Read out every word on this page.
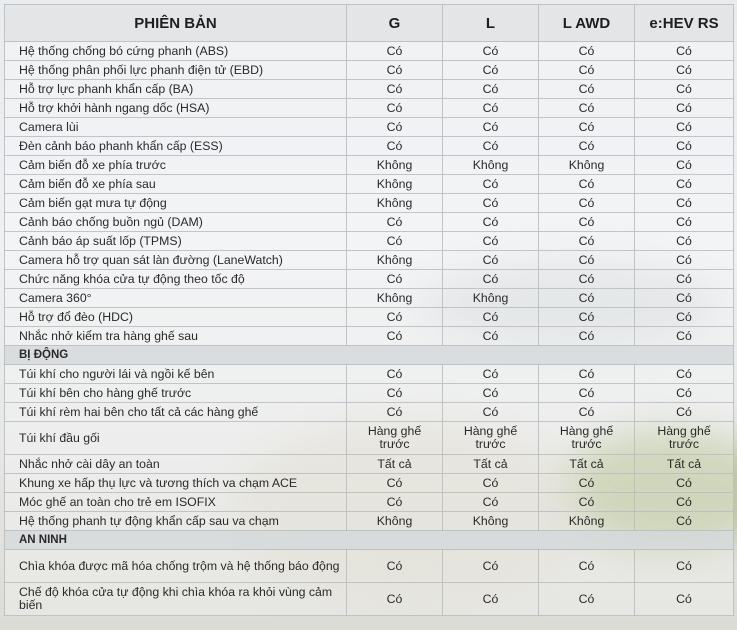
PHIÊN BẢN	G	L	L AWD	e:HEV RS
Hệ thống chống bó cứng phanh (ABS)	Có	Có	Có	Có
Hệ thống phân phối lực phanh điện tử (EBD)	Có	Có	Có	Có
Hỗ trợ lực phanh khẩn cấp (BA)	Có	Có	Có	Có
Hỗ trợ khởi hành ngang dốc (HSA)	Có	Có	Có	Có
Camera lùi	Có	Có	Có	Có
Đèn cảnh báo phanh khẩn cấp (ESS)	Có	Có	Có	Có
Cảm biến đỗ xe phía trước	Không	Không	Không	Có
Cảm biến đỗ xe phía sau	Không	Có	Có	Có
Cảm biến gạt mưa tự động	Không	Có	Có	Có
Cảnh báo chống buồn ngủ (DAM)	Có	Có	Có	Có
Cảnh báo áp suất lốp (TPMS)	Có	Có	Có	Có
Camera hỗ trợ quan sát làn đường (LaneWatch)	Không	Có	Có	Có
Chức năng khóa cửa tự động theo tốc độ	Có	Có	Có	Có
Camera 360°	Không	Không	Có	Có
Hỗ trợ đổ đèo (HDC)	Có	Có	Có	Có
Nhắc nhở kiểm tra hàng ghế sau	Có	Có	Có	Có
BỊ ĐỘNG				
Túi khí cho người lái và ngồi kế bên	Có	Có	Có	Có
Túi khí bên cho hàng ghế trước	Có	Có	Có	Có
Túi khí rèm hai bên cho tất cả các hàng ghế	Có	Có	Có	Có
Túi khí đầu gối	Hàng ghế trước	Hàng ghế trước	Hàng ghế trước	Hàng ghế trước
Nhắc nhở cài dây an toàn	Tất cả	Tất cả	Tất cả	Tất cả
Khung xe hấp thụ lực và tương thích va chạm ACE	Có	Có	Có	Có
Móc ghế an toàn cho trẻ em ISOFIX	Có	Có	Có	Có
Hệ thống phanh tự động khẩn cấp sau va chạm	Không	Không	Không	Có
AN NINH				
Chìa khóa được mã hóa chống trộm và hệ thống báo động	Có	Có	Có	Có
Chế độ khóa cửa tự động khi chìa khóa ra khỏi vùng cảm biến	Có	Có	Có	Có
